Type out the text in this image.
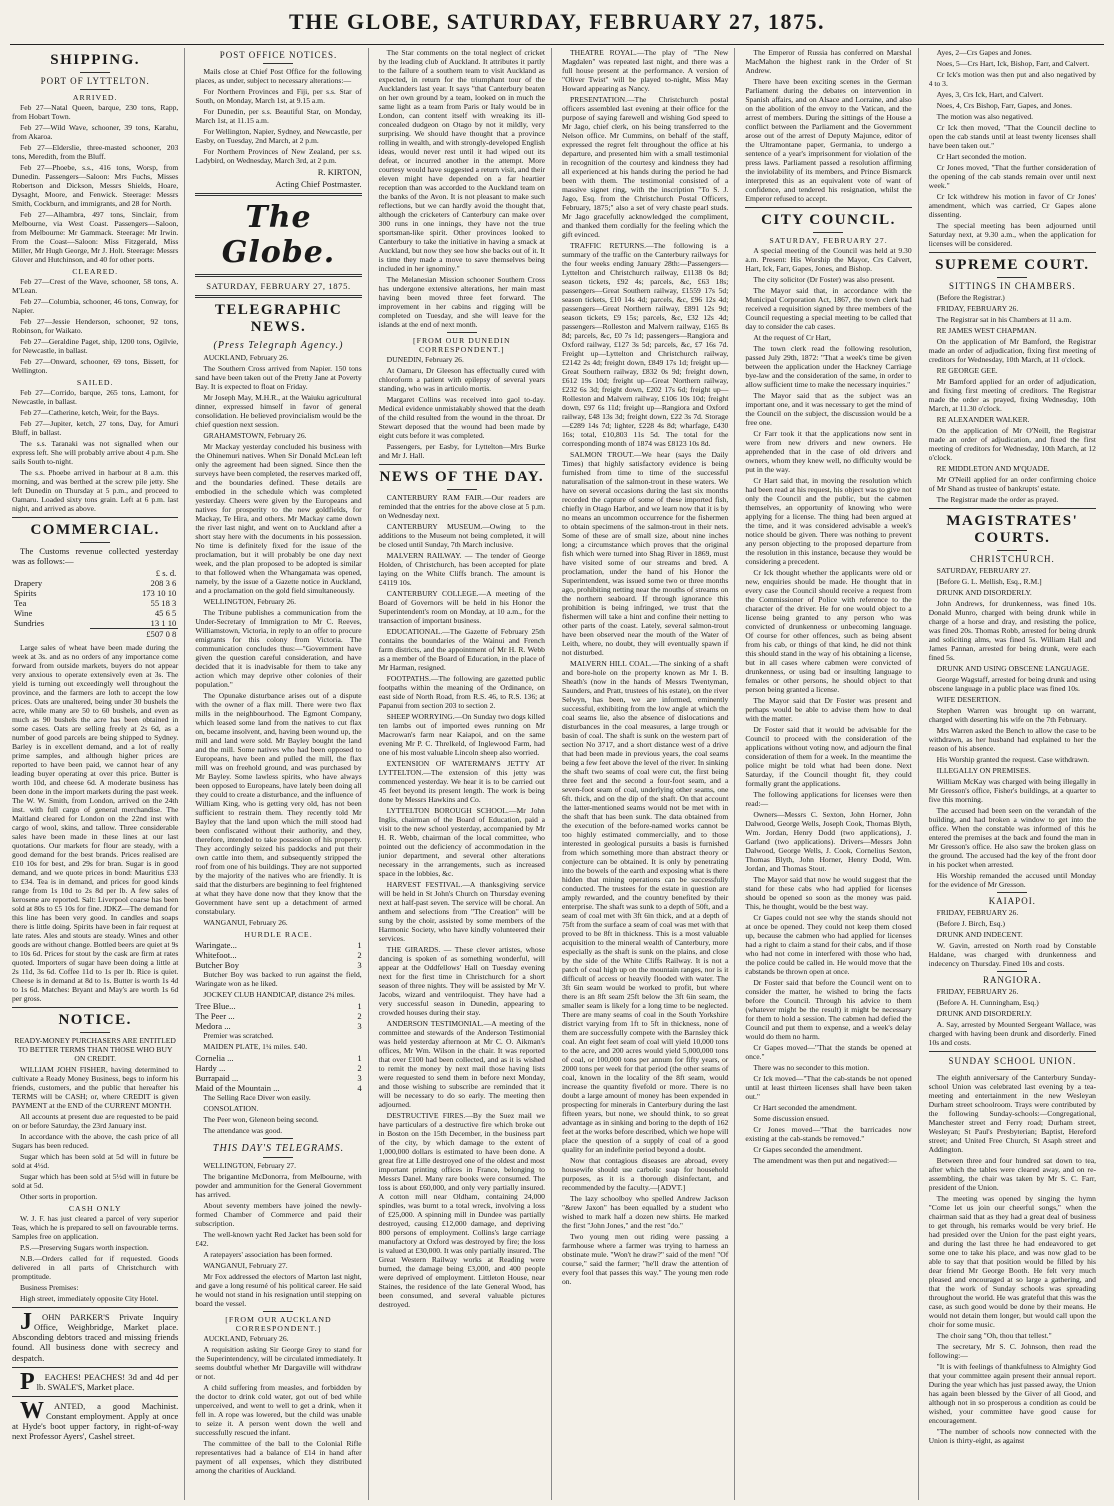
THE GLOBE, SATURDAY, FEBRUARY 27, 1875.
SHIPPING.
PORT OF LYTTELTON.
ARRIVED.

Feb 27—Natal Queen, barque, 230 tons, Rapp, from Hobart Town.

Feb 27—Wild Wave, schooner, 39 tons, Karahu, from Akaroa.

Feb 27—Elderslie, three-masted schooner, 203 tons, Meredith, from the Bluff.

Feb 27—Phoebe, s.s., 416 tons, Worsp, from Dunedin. Passengers—Saloon: Mrs Fuchs, Misses Robertson and Dickson, Messrs Shields, Hoare, Dysaght, Moore, and Fenwick. Steerage: Messrs Smith, Cockburn, and immigrants, and 28 for North.

Feb 27—Alhambra, 497 tons, Sinclair, from Melbourne, via West Coast. Passengers—Saloon, from Melbourne: Mr Gammack. Steerage: Mr Irwin. From the Coast—Saloon: Miss Fitzgerald, Miss Miller, Mr Hugh George, Mr J. Holt. Steerage: Messrs Glover and Hutchinson, and 40 for other ports.

CLEARED.

Feb 27—Crest of the Wave, schooner, 58 tons, A. M'Lean.

Feb 27—Columbia, schooner, 46 tons, Conway, for Napier.

Feb 27—Jessie Henderson, schooner, 92 tons, Robinson, for Waikato.

Feb 27—Geraldine Paget, ship, 1200 tons, Ogilvie, for Newcastle, in ballast.

Feb 27—Onward, schooner, 69 tons, Bissett, for Wellington.

SAILED.

Feb 27—Corrido, barque, 265 tons, Lamont, for Newcastle, in ballast.

Feb 27—Catherine, ketch, Weir, for the Bays.

Feb 27—Jupiter, ketch, 27 tons, Day, for Amuri Bluff, in ballast.

The s.s. Taranaki was not signalled when our express left. She will probably arrive about 4 p.m. She sails South to-night.

The s.s. Phoebe arrived in harbour at 8 a.m. this morning, and was berthed at the screw pile jetty. She left Dunedin on Thursday at 5 p.m., and proceed to Oamaru. Loaded sixty tons grain. Left at 6 p.m. last night, and arrived as above.

COMMERCIAL.

The Customs revenue collected yesterday was as follows:—

	£ s. d.
Drapery	208 3 6
Spirits	173 10 10
Tea	55 18 3
Wine	45 6 5
Sundries	13 1 10
	£507 0 8

Large sales of wheat have been made during the week at 3s. and as no orders of any importance come forward from outside markets, buyers do not appear very anxious to operate extensively even at 3s. The yield is turning out exceedingly well throughout the province, and the farmers are loth to accept the low prices. Oats are unaltered, being under 30 bushels the acre, while many are 50 to 60 bushels, and even as much as 90 bushels the acre has been obtained in some cases. Oats are selling freely at 2s 6d, as a number of good parcels are being shipped to Sydney. Barley is in excellent demand, and a lot of really prime samples, and although higher prices are reported to have been paid, we cannot hear of any leading buyer operating at over this price. Butter is worth 10d, and cheese 6d. A moderate business has been done in the import markets during the past week. The W. W. Smith, from London, arrived on the 24th inst. with full cargo of general merchandise. The Maitland cleared for London on the 22nd inst with cargo of wool, skins, and tallow. Three considerable sales have been made in these lines at our last quotations. Our markets for flour are steady, with a good demand for the best brands. Prices realised are £10 10s for best, and 29s for bran. Sugar is in good demand, and we quote prices in bond: Mauritius £33 to £34. Tea is in demand, and prices for good kinds range from 1s 10d to 2s 8d per lb. A few sales of kerosene are reported. Salt: Liverpool coarse has been sold at 80s to £5 10s for fine. JDKZ—The demand for this line has been very good. In candles and soaps there is little doing. Spirits have been in fair request at late rates. Ales and stouts are steady. Wines and other goods are without change. Bottled beers are quiet at 9s to 10s 6d. Prices for stout by the cask are firm at rates quoted. Importers of sugar have been doing a little at 2s 11d, 3s 6d. Coffee 11d to 1s per lb. Rice is quiet. Cheese is in demand at 8d to 1s. Butter is worth 1s 4d to 1s 6d. Matches: Bryant and May's are worth 1s 6d per gross.

NOTICE.

READY-MONEY PURCHASERS ARE ENTITLED TO BETTER TERMS THAN THOSE WHO BUY ON CREDIT.

WILLIAM JOHN FISHER, having determined to cultivate a Ready Money Business, begs to inform his friends, customers, and the public that hereafter his TERMS will be CASH; or, where CREDIT is given PAYMENT at the END of the CURRENT MONTH.

All accounts at present due are requested to be paid on or before Saturday, the 23rd January inst.

In accordance with the above, the cash price of all Sugars has been reduced.

Sugar which has been sold at 5d will in future be sold at 4½d.

Sugar which has been sold at 5½d will in future be sold at 5d.

Other sorts in proportion.

CASH ONLY

W. J. F. has just cleared a parcel of very superior Teas, which he is prepared to sell on favourable terms. Samples free on application.

P.S.—Preserving Sugars worth inspection.

N.B.—Orders called for if requested. Goods delivered in all parts of Christchurch with promptitude.

Business Premises:

High street, immediately opposite City Hotel.

JOHN PARKER'S Private Inquiry Office, Weighbridge, Market place. Absconding debtors traced and missing friends found. All business done with secrecy and despatch.

PEACHES! PEACHES! 3d and 4d per lb. SWALE'S, Market place.

WANTED, a good Machinist. Constant employment. Apply at once at Hyde's boot upper factory, in right-of-way next Professor Ayers', Cashel street.

POST OFFICE NOTICES.

Mails close at Chief Post Office for the following places, as under, subject to necessary alterations:—

For Northern Provinces and Fiji, per s.s. Star of South, on Monday, March 1st, at 9.15 a.m.

For Dunedin, per s.s. Beautiful Star, on Monday, March 1st, at 11.15 a.m.

For Wellington, Napier, Sydney, and Newcastle, per Easby, on Tuesday, 2nd March, at 2 p.m.

For Northern Provinces of New Zealand, per s.s. Ladybird, on Wednesday, March 3rd, at 2 p.m.

R. KIRTON,

Acting Chief Postmaster.

The Globe.
SATURDAY, FEBRUARY 27, 1875.
TELEGRAPHIC NEWS.
(Press Telegraph Agency.)

AUCKLAND, February 26.

The Southern Cross arrived from Napier. 150 tons sand have been taken out of the Pretty Jane at Poverty Bay. It is expected to float on Friday.

Mr Joseph May, M.H.R., at the Waiuku agricultural dinner, expressed himself in favor of general consolidation. He believed provincialism would be the chief question next session.

GRAHAMSTOWN, February 26.

Mr Mackay yesterday concluded his business with the Ohinemuri natives. When Sir Donald McLean left only the agreement had been signed. Since then the surveys have been completed, the reserves marked off, and the boundaries defined. These details are embodied in the schedule which was completed yesterday. Cheers were given by the Europeans and natives for prosperity to the new goldfields, for Mackay, Te Hira, and others. Mr Mackay came down the river last night, and went on to Auckland after a short stay here with the documents in his possession. No time is definitely fixed for the issue of the proclamation, but it will probably be one day next week, and the plan proposed to be adopted is similar to that followed when the Whangamata was opened, namely, by the issue of a Gazette notice in Auckland, and a proclamation on the gold field simultaneously.

WELLINGTON, February 26.

The Tribune publishes a communication from the Under-Secretary of Immigration to Mr C. Reeves, Williamstown, Victoria, in reply to an offer to procure emigrants for this colony from Victoria. The communication concludes thus:—"Government have given the question careful consideration, and have decided that it is inadvisable for them to take any action which may deprive other colonies of their population."

The Opunake disturbance arises out of a dispute with the owner of a flax mill. There were two flax mills in the neighbourhood. The Egmont Company, which leased some land from the natives to cut flax on, became insolvent, and, having been wound up, the mill and land were sold. Mr Bayley bought the land and the mill. Some natives who had been opposed to Europeans, have been and pulled the mill, the flax mill was on freehold ground, and was purchased by Mr Bayley. Some lawless spirits, who have always been opposed to Europeans, have lately been doing all they could to create a disturbance, and the influence of William King, who is getting very old, has not been sufficient to restrain them. They recently told Mr Bayley that the land upon which the mill stood had been confiscated without their authority, and they, therefore, intended to take possession of his property. They accordingly seized his paddocks and put their own cattle into them, and subsequently stripped the roof from one of his buildings. They are not supported by the majority of the natives who are friendly. It is said that the disturbers are beginning to feel frightened at what they have done now that they know that the Government have sent up a detachment of armed constabulary.

WANGANUI, February 26.

HURDLE RACE.
Waringate...	1
Whitefoot...	2
Butcher Boy	3

Butcher Boy was backed to run against the field, Waringate won as he liked.

JOCKEY CLUB HANDICAP, distance 2¼ miles.

Tree Blue...	1
The Peer ...	2
Medora ...	3

Premier was scratched.

MAIDEN PLATE, 1¼ miles. £40.

Cornelia ...	1
Hardy ...	2
Burrapaid ...	3
Maid of the Mountain ...	4

The Selling Race Diver won easily.

CONSOLATION.

The Peer won, Gleneon being second.

The attendance was good.

THIS DAY'S TELEGRAMS.

WELLINGTON, February 27.

The brigantine McDonorra, from Melbourne, with powder and ammunition for the General Government has arrived.

About seventy members have joined the newly-formed Chamber of Commerce and paid their subscription.

The well-known yacht Red Jacket has been sold for £42.

A ratepayers' association has been formed.

WANGANUI, February 27.

Mr Fox addressed the electors of Marton last night, and gave a long resumé of his political career. He said he would not stand in his resignation until stepping on board the vessel.

[FROM OUR AUCKLAND CORRESPONDENT.]

AUCKLAND, February 26.

A requisition asking Sir George Grey to stand for the Superintendency, will be circulated immediately. It seems doubtful whether Mr Dargaville will withdraw or not.

A child suffering from measles, and forbidden by the doctor to drink cold water, got out of bed while unperceived, and went to well to get a drink, when it fell in. A rope was lowered, but the child was unable to seize it. A person went down the well and successfully rescued the infant.

The committee of the ball to the Colonial Rifle representatives had a balance of £14 in hand after payment of all expenses, which they distributed among the charities of Auckland.

The Star comments on the total neglect of cricket by the leading club of Auckland. It attributes it partly to the failure of a southern team to visit Auckland as expected, in return for the triumphant tour of the Aucklanders last year. It says "that Canterbury beaten on her own ground by a team, looked on in much the same light as a team from Paris or Italy would be in London, can content itself with wreaking its ill-concealed dudgeon on Otago by not it mildly, very surprising. We should have thought that a province rolling in wealth, and with strongly-developed English ideas, would never rest until it had wiped out its defeat, or incurred another in the attempt. More courtesy would have suggested a return visit, and their eleven might have depended on a far heartier reception than was accorded to the Auckland team on the banks of the Avon. It is not pleasant to make such reflections, but we can hardly avoid the thought that, although the cricketers of Canterbury can make over 300 runs in one innings, they have not the true sportsman-like spirit. Other provinces looked to Canterbury to take the initiative in having a smack at Auckland, but now they see how she backs out of it. It is time they made a move to save themselves being included in her ignominy."

The Melanesian Mission schooner Southern Cross has undergone extensive alterations, her main mast having been moved three feet forward. The improvement in her cabins and rigging will be completed on Tuesday, and she will leave for the islands at the end of next month.

[FROM OUR DUNEDIN CORRESPONDENT.]

DUNEDIN, February 26.

At Oamaru, Dr Gleeson has effectually cured with chloroform a patient with epilepsy of several years standing, who was in articulo mortis.

Margaret Collins was received into gaol to-day. Medical evidence unmistakably showed that the death of the child resulted from the wound in the throat. Dr Stewart deposed that the wound had been made by eight cuts before it was completed.

Passengers, per Easby, for Lyttelton—Mrs Burke and Mr J. Hall.

NEWS OF THE DAY.

CANTERBURY RAM FAIR.—Our readers are reminded that the entries for the above close at 5 p.m. on Wednesday next.

CANTERBURY MUSEUM.—Owing to the additions to the Museum not being completed, it will be closed until Sunday, 7th March inclusive.

MALVERN RAILWAY. — The tender of George Holden, of Christchurch, has been accepted for plate laying on the White Cliffs branch. The amount is £4119 10s.

CANTERBURY COLLEGE.—A meeting of the Board of Governors will be held in his Honor the Superintendent's room on Monday, at 10 a.m., for the transaction of important business.

EDUCATIONAL.—The Gazette of February 25th contains the boundaries of the Wainui and French farm districts, and the appointment of Mr H. R. Webb as a member of the Board of Education, in the place of Mr Harman, resigned.

FOOTPATHS.—The following are gazetted public footpaths within the meaning of the Ordinance, on east side of North Road, from R.S. 46, to R.S. 136; at Papanui from section 203 to section 2.

SHEEP WORRYING.—On Sunday two dogs killed ten lambs out of imported ewes running on Mr Macrowan's farm near Kaiapoi, and on the same evening Mr P. C. Threlkeld, of Inglewood Farm, had one of his most valuable Lincoln sheep also worried.

EXTENSION OF WATERMAN'S JETTY AT LYTTELTON.—The extension of this jetty was commenced yesterday. We hear it is to be carried out 45 feet beyond its present length. The work is being done by Messrs Hawkins and Co.

LYTTELTON BOROUGH SCHOOL.—Mr John Inglis, chairman of the Board of Education, paid a visit to the new school yesterday, accompanied by Mr H. R. Webb, chairman of the local committee, who pointed out the deficiency of accommodation in the junior department, and several other alterations necessary in the arrangements, such as increased space in the lobbies, &c.

HARVEST FESTIVAL.—A thanksgiving service will be held in St John's Church on Thursday evening next at half-past seven. The service will be choral. An anthem and selections from "The Creation" will be sung by the choir, assisted by some members of the Harmonic Society, who have kindly volunteered their services.

THE GIRARDS. — These clever artistes, whose dancing is spoken of as something wonderful, will appear at the Oddfellows' Hall on Tuesday evening next for the first time in Christchurch for a short season of three nights. They will be assisted by Mr V. Jacobs, wizard and ventriloquist. They have had a very successful season in Dunedin, appearing to crowded houses during their stay.

ANDERSON TESTIMONIAL.—A meeting of the committee and stewards of the Anderson Testimonial was held yesterday afternoon at Mr C. O. Aikman's offices, Mr Wm. Wilson in the chair. It was reported that over £100 had been collected, and as it is wished to remit the money by next mail those having lists were requested to send them in before next Monday, and those wishing to subscribe are reminded that it will be necessary to do so early. The meeting then adjourned.

DESTRUCTIVE FIRES.—By the Suez mail we have particulars of a destructive fire which broke out in Boston on the 15th December, in the business part of the city, by which damage to the extent of 1,000,000 dollars is estimated to have been done. A great fire at Lille destroyed one of the oldest and most important printing offices in France, belonging to Messrs Danel. Many rare books were consumed. The loss is about £60,000, and only very partially insured. A cotton mill near Oldham, containing 24,000 spindles, was burnt to a total wreck, involving a loss of £25,000. A spinning mill in Dundee was partially destroyed, causing £12,000 damage, and depriving 800 persons of employment. Collins's large carriage manufactory at Oxford was destroyed by fire; the loss is valued at £30,000. It was only partially insured. The Great Western Railway works at Reading were burned, the damage being £3,000, and 400 people were deprived of employment. Littleton House, near Staines, the residence of the late General Wood, has been consumed, and several valuable pictures destroyed.

THEATRE ROYAL.—The play of "The New Magdalen" was repeated last night, and there was a full house present at the performance. A version of "Oliver Twist" will be played to-night, Miss May Howard appearing as Nancy.

PRESENTATION.—The Christchurch postal officers assembled last evening at their office for the purpose of saying farewell and wishing God speed to Mr Jago, chief clerk, on his being transferred to the Nelson office. Mr Cummins, on behalf of the staff, expressed the regret felt throughout the office at his departure, and presented him with a small testimonial in recognition of the courtesy and kindness they had all experienced at his hands during the period he had been with them. The testimonial consisted of a massive signet ring, with the inscription "To S. J. Jago, Esq. from the Christchurch Postal Officers, February, 1875;" also a set of very chaste pearl studs. Mr Jago gracefully acknowledged the compliment, and thanked them cordially for the feeling which the gift evinced.

TRAFFIC RETURNS.—The following is a summary of the traffic on the Canterbury railways for the four weeks ending January 28th:—Passengers—Lyttelton and Christchurch railway, £1138 0s 8d; season tickets, £92 4s; parcels, &c, £63 18s; passengers—Great Southern railway, £1559 17s 5d; season tickets, £10 14s 4d; parcels, &c, £96 12s 4d; passengers—Great Northern railway, £891 12s 9d; season tickets, £9 15s; parcels, &c, £32 12s 4d; passengers—Rolleston and Malvern railway, £165 8s 8d; parcels, &c, £0 7s 1d; passengers—Rangiora and Oxford railway, £127 3s 5d; parcels, &c, £7 16s 7d. Freight up—Lyttelton and Christchurch railway, £2142 2s 4d; freight down, £849 17s 1d; freight up—Great Southern railway, £832 0s 9d; freight down, £612 19s 10d; freight up—Great Northern railway, £232 6s 3d; freight down, £202 17s 6d; freight up—Rolleston and Malvern railway, £106 10s 10d; freight down, £97 6s 11d; freight up—Rangiora and Oxford railway, £48 13s 3d; freight down, £22 3s 7d. Storage—£289 14s 7d; lighter, £228 4s 8d; wharfage, £430 16s; total, £10,803 11s 5d. The total for the corresponding month of 1874 was £8123 10s 8d.

SALMON TROUT.—We hear (says the Daily Times) that highly satisfactory evidence is being furnished from time to time of the successful naturalisation of the salmon-trout in these waters. We have on several occasions during the last six months recorded the capture of some of these imported fish, chiefly in Otago Harbor, and we learn now that it is by no means an uncommon occurrence for the fishermen to obtain specimens of the salmon-trout in their nets. Some of these are of small size, about nine inches long; a circumstance which proves that the original fish which were turned into Shag River in 1869, must have visited some of our streams and bred. A proclamation, under the hand of his Honor the Superintendent, was issued some two or three months ago, prohibiting netting near the mouths of streams on the northern seaboard. If through ignorance this prohibition is being infringed, we trust that the fishermen will take a hint and confine their netting to other parts of the coast. Lately, several salmon-trout have been observed near the mouth of the Water of Leith, where, no doubt, they will eventually spawn if not disturbed.

MALVERN HILL COAL.—The sinking of a shaft and bore-hole on the property known as Mr I. B. Sheath's (now in the hands of Messrs Twentyman, Saunders, and Pratt, trustees of his estate), on the river Selwyn, has been, we are informed, eminently successful, exhibiting from the low angle at which the coal seams lie, also the absence of dislocations and disturbances in the coal measures, a large trough or basin of coal. The shaft is sunk on the western part of section No 3717, and a short distance west of a drive that had been made in previous years, the coal seams being a few feet above the level of the river. In sinking the shaft two seams of coal were cut, the first being three feet and the second a four-foot seam, and a seven-foot seam of coal, underlying other seams, one 6ft. thick, and on the dip of the shaft. On that account the latter-mentioned seams would not be met with in the shaft that has been sunk. The data obtained from the execution of the before-named works cannot be too highly estimated commercially, and to those interested in geological pursuits a basis is furnished from which something more than abstract theory or conjecture can be obtained. It is only by penetrating into the bowels of the earth and exposing what is there hidden that mining operations can be successfully conducted. The trustees for the estate in question are amply rewarded, and the country benefited by their enterprise. The shaft was sunk to a depth of 50ft, and a seam of coal met with 3ft 6in thick, and at a depth of 75ft from the surface a seam of coal was met with that proved to be 8ft in thickness. This is a most valuable acquisition to the mineral wealth of Canterbury, more especially as the shaft is sunk on the plains, and close by the side of the White Cliffs Railway. It is not a patch of coal high up on the mountain ranges, nor is it difficult of access or heavily flooded with water. The 3ft 6in seam would be worked to profit, but where there is an 8ft seam 25ft below the 3ft 6in seam, the smaller seam is likely for a long time to be neglected. There are many seams of coal in the South Yorkshire district varying from 1ft to 5ft in thickness, none of them are successfully compete with the Barnsley thick coal. An eight feet seam of coal will yield 10,000 tons to the acre, and 200 acres would yield 5,000,000 tons of coal, or 100,000 tons per annum for fifty years, or 2000 tons per week for that period (the other seams of coal, known in the locality of the 8ft seam, would increase the quantity fivefold or more. There is no doubt a large amount of money has been expended in prospecting for minerals in Canterbury during the last fifteen years, but none, we should think, to so great advantage as in sinking and boring to the depth of 162 feet at the works before described, which we hope will place the question of a supply of coal of a good quality for an indefinite period beyond a doubt.

Now that contagious diseases are abroad, every housewife should use carbolic soap for household purposes, as it is a thorough disinfectant, and recommended by the faculty.—[ADVT.]

The lazy schoolboy who spelled Andrew Jackson "&rew Jaxon" has been equalled by a student who wished to mark half a dozen new shirts. He marked the first "John Jones," and the rest "do."

Two young men out riding were passing a farmhouse where a farmer was trying to harness an obstinate mule. "Won't he draw?" said of the men! "Of course," said the farmer; "he'll draw the attention of every fool that passes this way." The young men rode on.

The Emperor of Russia has conferred on Marshal MacMahon the highest rank in the Order of St Andrew.

There have been exciting scenes in the German Parliament during the debates on intervention in Spanish affairs, and on Alsace and Lorraine, and also on the abolition of the envoy to the Vatican, and the arrest of members. During the sittings of the House a conflict between the Parliament and the Government arose out of the arrest of Deputy Majunce, editor of the Ultramontane paper, Germania, to undergo a sentence of a year's imprisonment for violation of the press laws. Parliament passed a resolution affirming the inviolability of its members, and Prince Bismarck interpreted this as an equivalent vote of want of confidence, and tendered his resignation, whilst the Emperor refused to accept.

CITY COUNCIL.
SATURDAY, FEBRUARY 27.

A special meeting of the Council was held at 9.30 a.m. Present: His Worship the Mayor, Crs Calvert, Hart, Ick, Farr, Gapes, Jones, and Bishop.

The city solicitor (Dr Foster) was also present.

The Mayor said that, in accordance with the Municipal Corporation Act, 1867, the town clerk had received a requisition signed by three members of the Council requesting a special meeting to be called that day to consider the cab cases.

At the request of Cr Hart,

The town clerk read the following resolution, passed July 29th, 1872: "That a week's time be given between the application under the Hackney Carriage bye-law and the consideration of the same, in order to allow sufficient time to make the necessary inquiries."

The Mayor said that as the subject was an important one, and it was necessary to get the mind of the Council on the subject, the discussion would be a free one.

Cr Farr took it that the applications now sent in were from new drivers and new owners. He apprehended that in the case of old drivers and owners, whom they knew well, no difficulty would be put in the way.

Cr Hart said that, in moving the resolution which had been read at his request, his object was to give not only the Council and the public, but the cabmen themselves, an opportunity of knowing who were applying for a license. The thing had been argued at the time, and it was considered advisable a week's notice should be given. There was nothing to prevent any person objecting to the proposed departure from the resolution in this instance, because they would be considering a precedent.

Cr Ick thought whether the applicants were old or new, enquiries should be made. He thought that in every case the Council should receive a request from the Commissioner of Police with reference to the character of the driver. He for one would object to a license being granted to any person who was convicted of drunkenness or unbecoming language. Of course for other offences, such as being absent from his cab, or things of that kind, he did not think this should stand in the way of his obtaining a license, but in all cases where cabmen were convicted of drunkenness, or using bad or insulting language to females or other persons, he should object to that person being granted a license.

The Mayor said that Dr Foster was present and perhaps would be able to advise them how to deal with the matter.

Dr Foster said that it would be advisable for the Council to proceed with the consideration of the applications without voting now, and adjourn the final consideration of them for a week. In the meantime the police might be told what had been done. Next Saturday, if the Council thought fit, they could formally grant the applications.

The following applications for licenses were then read:—

Owners—Messrs C. Sexton, John Horner, John Dalwood, George Wells, Joseph Cook, Thomas Blyth, Wm. Jordan, Henry Dodd (two applications), J. Garland (two applications). Drivers—Messrs John Dalwood, George Wells, J. Cook, Cornelius Sexton, Thomas Blyth, John Horner, Henry Dodd, Wm. Jordan, and Thomas Stout.

The Mayor said that now he would suggest that the stand for these cabs who had applied for licenses should be opened so soon as the money was paid. This, he thought, would be the best way.

Cr Gapes could not see why the stands should not at once be opened. They could not keep them closed up, because the cabmen who had applied for licenses had a right to claim a stand for their cabs, and if those who had not come in interfered with those who had, the police could be called in. He would move that the cabstands be thrown open at once.

Dr Foster said that before the Council went on to consider the matter, he wished to bring the facts before the Council. Through his advice to them (whatever might be the result) it might be necessary for them to hold a session. The cabmen had defied the Council and put them to expense, and a week's delay would do them no harm.

Cr Gapes moved—"That the stands be opened at once."

There was no seconder to this motion.

Cr Ick moved—"That the cab-stands be not opened until at least thirteen licenses shall have been taken out."

Cr Hart seconded the amendment.

Some discussion ensued.

Cr Jones moved—"That the barricades now existing at the cab-stands be removed."

Cr Gapes seconded the amendment.

The amendment was then put and negatived:—

Ayes, 2—Crs Gapes and Jones.

Noes, 5—Crs Hart, Ick, Bishop, Farr, and Calvert.

Cr Ick's motion was then put and also negatived by 4 to 3.

Ayes, 3, Crs Ick, Hart, and Calvert.

Noes, 4, Crs Bishop, Farr, Gapes, and Jones.

The motion was also negatived.

Cr Ick then moved, "That the Council decline to open the cab stands until at least twenty licenses shall have been taken out."

Cr Hart seconded the motion.

Cr Jones moved, "That the further consideration of the opening of the cab stands remain over until next week."

Cr Ick withdrew his motion in favor of Cr Jones' amendment, which was carried, Cr Gapes alone dissenting.

The special meeting has been adjourned until Saturday next, at 9.30 a.m., when the application for licenses will be considered.

SUPREME COURT.
SITTINGS IN CHAMBERS.

(Before the Registrar.)

FRIDAY, FEBRUARY 26.

The Registrar sat in his Chambers at 11 a.m.

RE JAMES WEST CHAPMAN.

On the application of Mr Bamford, the Registrar made an order of adjudication, fixing first meeting of creditors for Wednesday, 10th March, at 11 o'clock.

RE GEORGE GEE.

Mr Bamford applied for an order of adjudication, and fixing first meeting of creditors. The Registrar made the order as prayed, fixing Wednesday, 10th March, at 11.30 o'clock.

RE ALEXANDER WALKER.

On the application of Mr O'Neill, the Registrar made an order of adjudication, and fixed the first meeting of creditors for Wednesday, 10th March, at 12 o'clock.

RE MIDDLETON AND M'QUADE.

Mr O'Neill applied for an order confirming choice of Mr Shand as trustee of bankrupts' estate.

The Registrar made the order as prayed.

MAGISTRATES' COURTS.
CHRISTCHURCH.

SATURDAY, FEBRUARY 27.

[Before G. L. Mellish, Esq., R.M.]

DRUNK AND DISORDERLY.

John Andrews, for drunkenness, was fined 10s. Donald Munro, charged with being drunk while in charge of a horse and dray, and resisting the police, was fined 20s. Thomas Robb, arrested for being drunk and soliciting alms, was fined 5s. William Hall and James Pannan, arrested for being drunk, were each fined 5s.

DRUNK AND USING OBSCENE LANGUAGE.

George Wagstaff, arrested for being drunk and using obscene language in a public place was fined 10s.

WIFE DESERTION.

Stephen Warren was brought up on warrant, charged with deserting his wife on the 7th February.

Mrs Warren asked the Bench to allow the case to be withdrawn, as her husband had explained to her the reason of his absence.

His Worship granted the request. Case withdrawn.

ILLEGALLY ON PREMISES.

William McKay was charged with being illegally in Mr Gresson's office, Fisher's buildings, at a quarter to five this morning.

The accused had been seen on the verandah of the building, and had broken a window to get into the office. When the constable was informed of this he entered the premises at the back and found the man in Mr Gresson's office. He also saw the broken glass on the ground. The accused had the key of the front door in his pocket when arrested.

His Worship remanded the accused until Monday for the evidence of Mr Gresson.

KAIAPOI.

FRIDAY, FEBRUARY 26.

(Before J. Birch, Esq.)

DRUNK AND INDECENT.

W. Gavin, arrested on North road by Constable Haldane, was charged with drunkenness and indecency on Thursday. Fined 10s and costs.

RANGIORA.

FRIDAY, FEBRUARY 26.

(Before A. H. Cunningham, Esq.)

DRUNK AND DISORDERLY.

A. Say, arrested by Mounted Sergeant Wallace, was charged with having been drunk and disorderly. Fined 10s and costs.

SUNDAY SCHOOL UNION.

The eighth anniversary of the Canterbury Sunday-school Union was celebrated last evening by a tea-meeting and entertainment in the new Wesleyan Durham street schoolroom. Trays were contributed by the following Sunday-schools:—Congregational, Manchester street and Ferry road; Durham street, Wesleyan; St Paul's Presbyterian; Baptist, Hereford street; and United Free Church, St Asaph street and Addington.

Between three and four hundred sat down to tea, after which the tables were cleared away, and on re-assembling, the chair was taken by Mr S. C. Farr, president of the Union.

The meeting was opened by singing the hymn "Come let us join our cheerful songs," when the chairman said that as they had a great deal of business to get through, his remarks would be very brief. He had presided over the Union for the past eight years, and during the last three he had endeavored to get some one to take his place, and was now glad to be able to say that that position would be filled by his dear friend Mr George Booth. He felt very much pleased and encouraged at so large a gathering, and that the work of Sunday schools was spreading throughout the world. He was grateful that this was the case, as such good would be done by their means. He would not detain them longer, but would call upon the choir for some music.

The choir sang "Oh, thou that tellest."

The secretary, Mr S. C. Johnson, then read the following:—

"It is with feelings of thankfulness to Almighty God that your committee again present their annual report. During the year which has just passed away, the Union has again been blessed by the Giver of all Good, and although not in so prosperous a condition as could be wished, your committee have good cause for encouragement.

"The number of schools now connected with the Union is thirty-eight, as against
